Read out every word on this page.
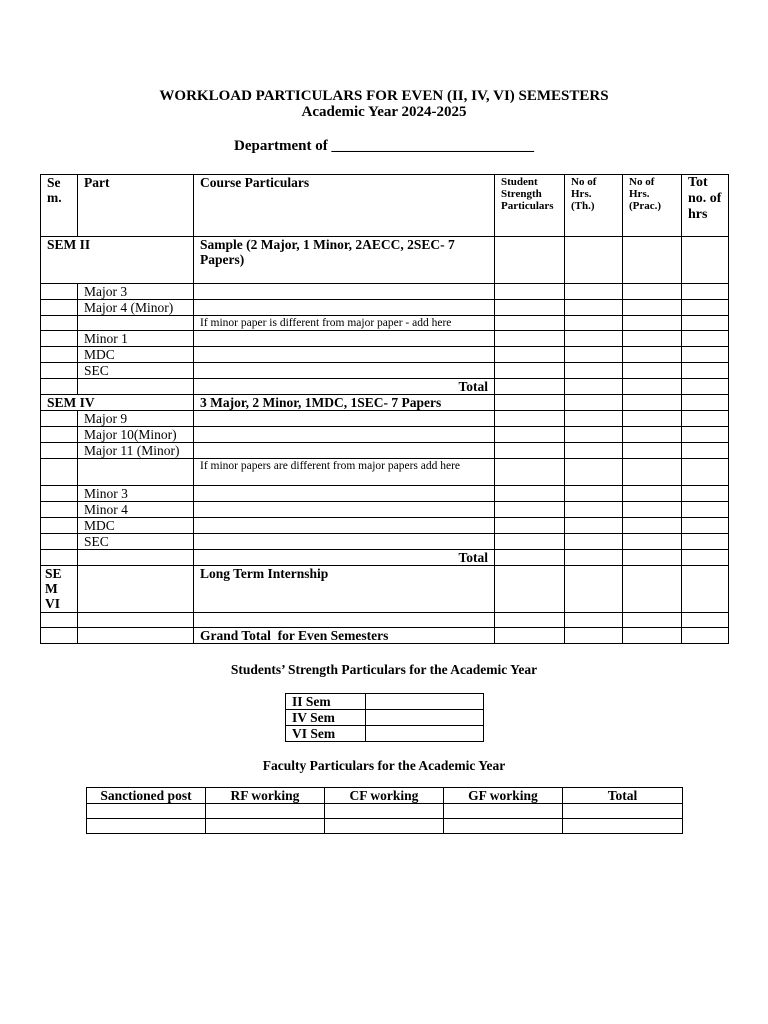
WORKLOAD PARTICULARS FOR EVEN (II, IV, VI) SEMESTERS
Academic Year 2024-2025
Department of ___________________________
Se m.	Part	Course Particulars	Student Strength Particulars	No of Hrs. (Th.)	No of Hrs. (Prac.)	Tot no. of hrs
SEM II		Sample (2 Major, 1 Minor, 2AECC, 2SEC- 7 Papers)				
	Major 3					
	Major 4 (Minor)					
		If minor paper is different from major paper - add here				
	Minor 1					
	MDC					
	SEC					
		Total				
SEM IV		3 Major, 2 Minor, 1MDC, 1SEC- 7 Papers				
	Major 9					
	Major 10(Minor)					
	Major 11 (Minor)					
		If minor papers are different from major papers add here				
	Minor 3					
	Minor 4					
	MDC					
	SEC					
		Total				
SE M VI		Long Term Internship				

		Grand Total  for Even Semesters				
Students’ Strength Particulars for the Academic Year
II Sem	
IV Sem	
VI Sem	
Faculty Particulars for the Academic Year
Sanctioned post	RF working	CF working	GF working	Total
